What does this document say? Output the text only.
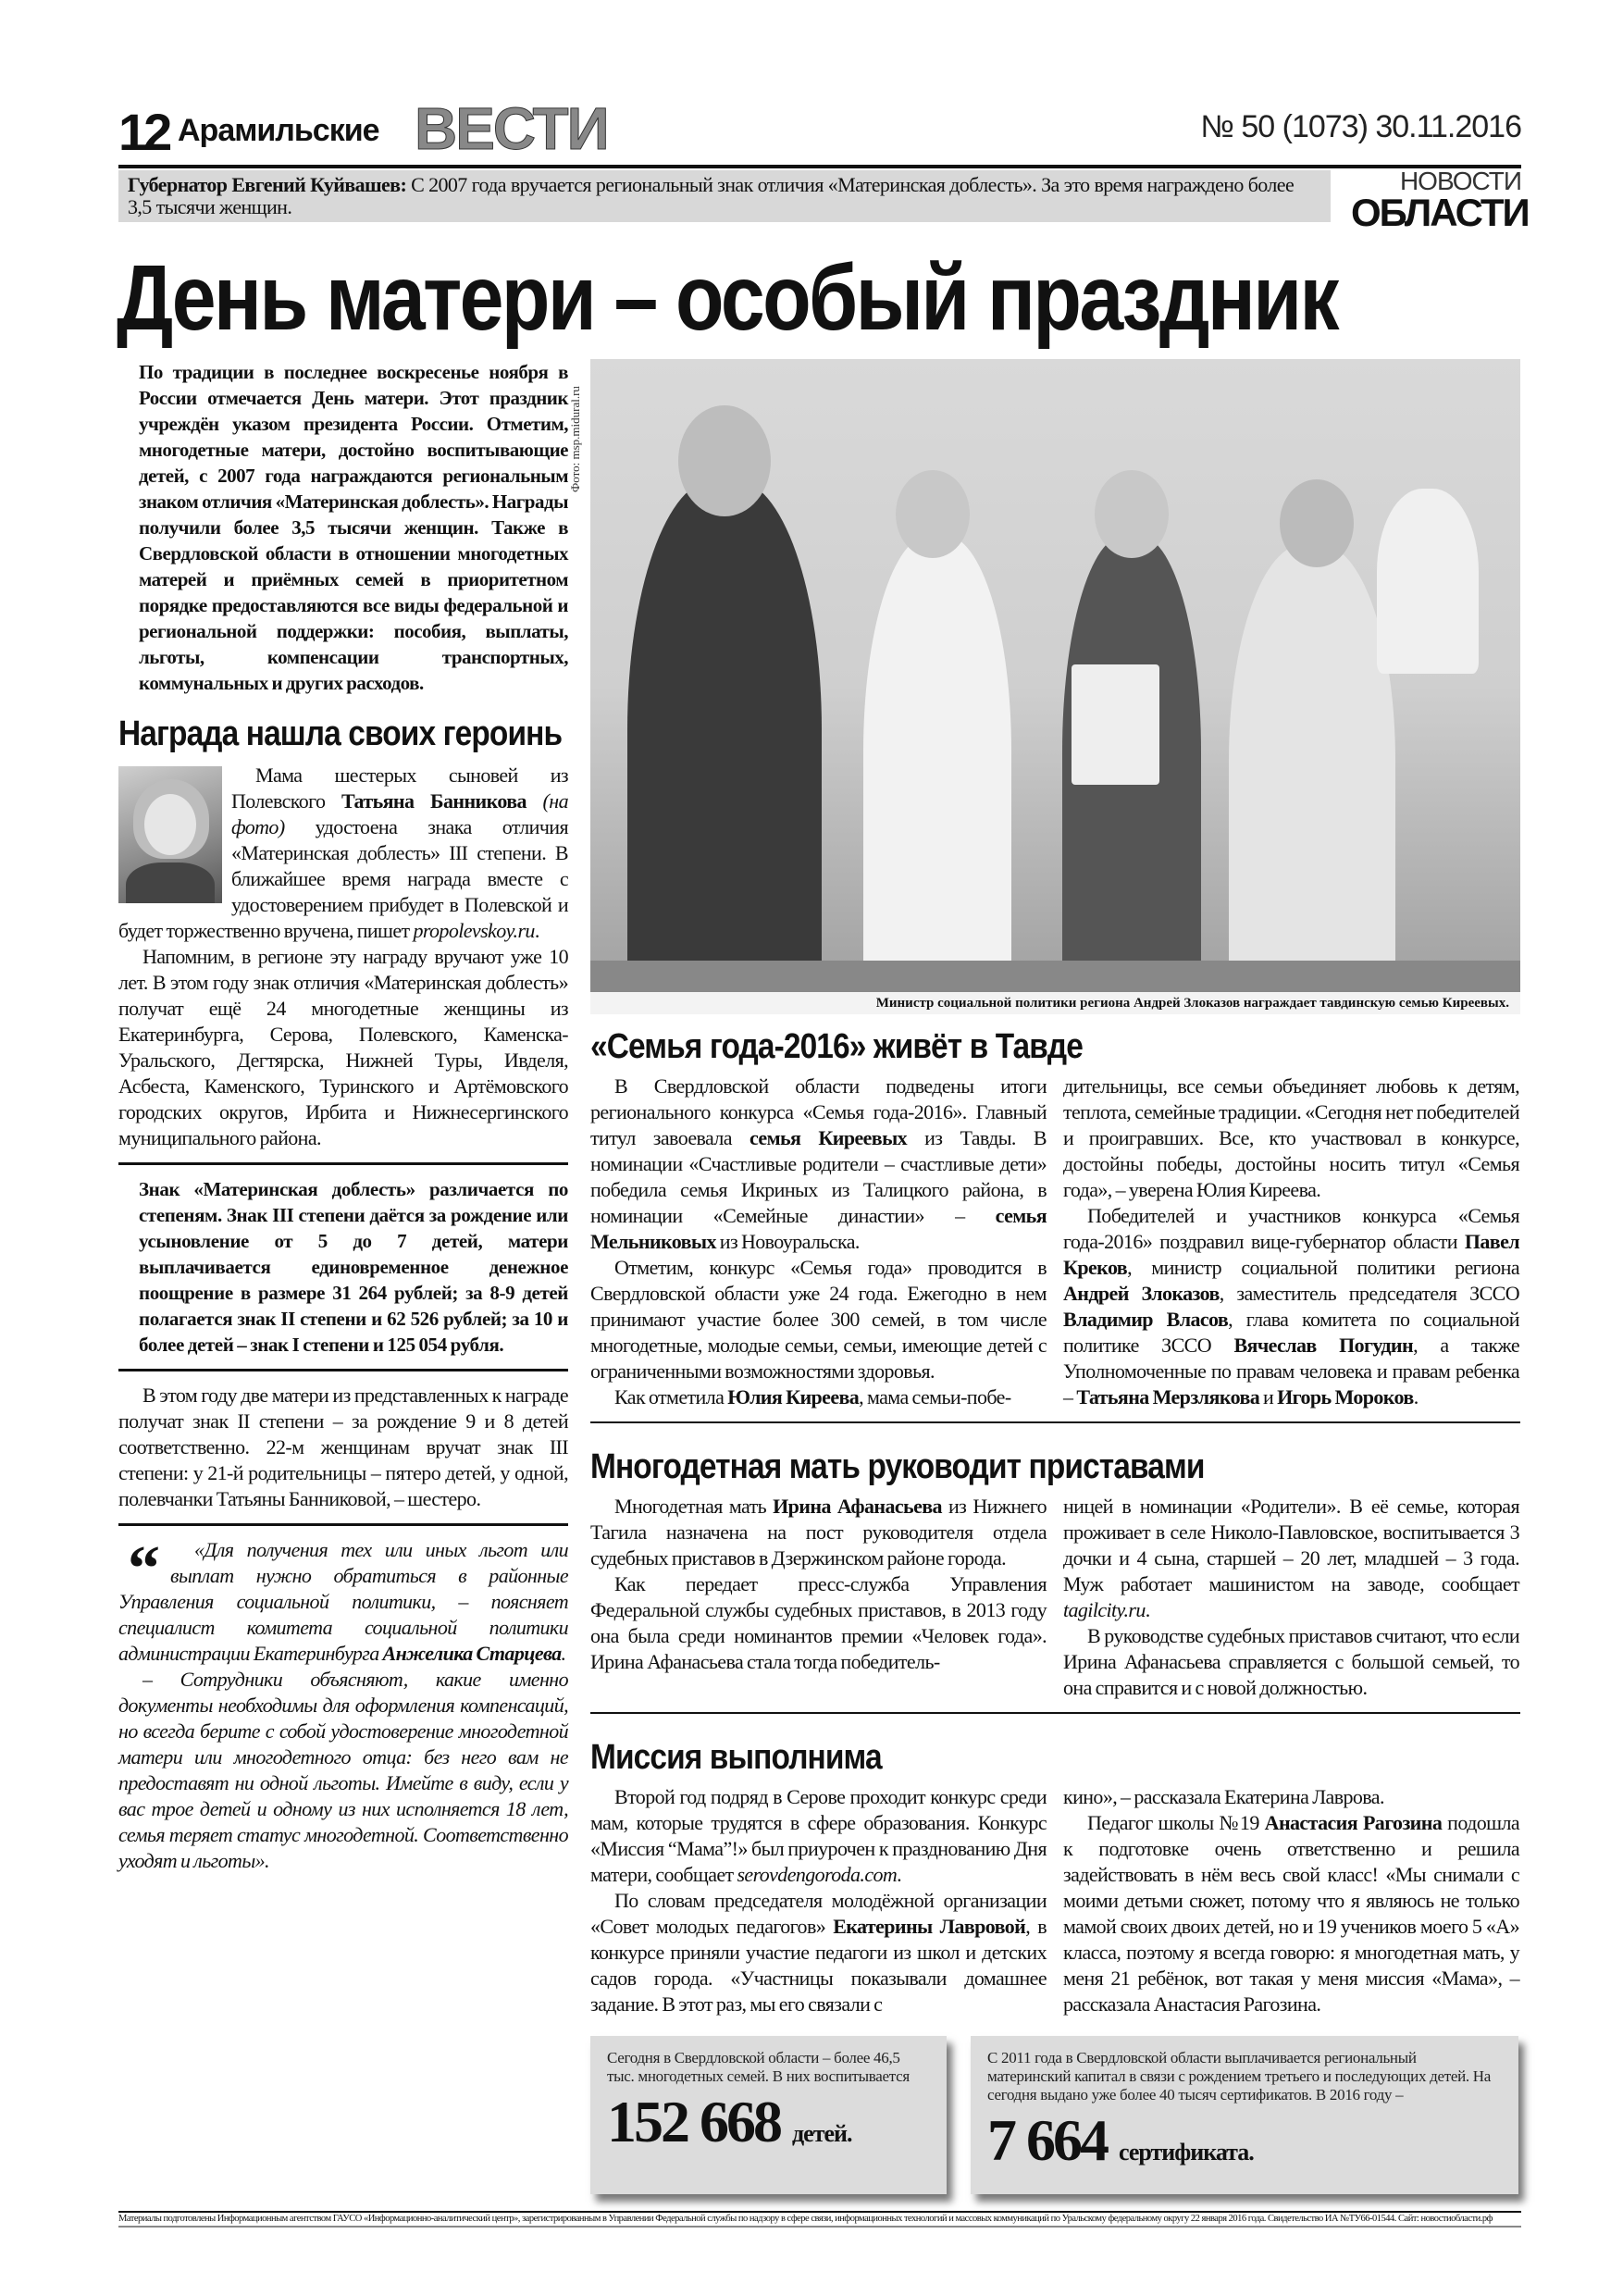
12 Арамильские ВЕСТИ	№ 50 (1073) 30.11.2016
Губернатор Евгений Куйвашев: С 2007 года вручается региональный знак отличия «Материнская доблесть». За это время награждено более 3,5 тысячи женщин.
НОВОСТИ
ОБЛАСТИ
День матери – особый праздник
Фото: msp.midural.ru
По традиции в последнее воскресенье ноября в России отмечается День матери. Этот праздник учреждён указом президента России. Отметим, многодетные матери, достойно воспитывающие детей, с 2007 года награждаются региональным знаком отличия «Материнская доблесть». Награды получили более 3,5 тысячи женщин. Также в Свердловской области в отношении многодетных матерей и приёмных семей в приоритетном порядке предоставляются все виды федеральной и региональной поддержки: пособия, выплаты, льготы, компенсации транспортных, коммунальных и других расходов.
Награда нашла своих героинь

Мама шестерых сыновей из Полевского Татьяна Банникова (на фото) удостоена знака отличия «Материнская доблесть» III степени. В ближайшее время награда вместе с удостоверением прибудет в Полевской и будет торжественно вручена, пишет propolevskoy.ru.

Напомним, в регионе эту награду вручают уже 10 лет. В этом году знак отличия «Материнская доблесть» получат ещё 24 многодетные женщины из Екатеринбурга, Серова, Полевского, Каменска-Уральского, Дегтярска, Нижней Туры, Ивделя, Асбеста, Каменского, Туринского и Артёмовского городских округов, Ирбита и Нижнесергинского муниципального района.

Знак «Материнская доблесть» различается по степеням. Знак III степени даётся за рождение или усыновление от 5 до 7 детей, матери выплачивается единовременное денежное поощрение в размере 31 264 рублей; за 8-9 детей полагается знак II степени и 62 526 рублей; за 10 и более детей – знак I степени и 125 054 рубля.

В этом году две матери из представленных к награде получат знак II степени – за рождение 9 и 8 детей соответственно. 22-м женщинам вручат знак III степени: у 21-й родительницы – пятеро детей, у одной, полевчанки Татьяны Банниковой, – шестеро.

“	«Для получения тех или иных льгот или выплат нужно обратиться в районные Управления социальной политики, – поясняет специалист комитета социальной политики администрации Екатеринбурга Анжелика Старцева.

– Сотрудники объясняют, какие именно документы необходимы для оформления компенсаций, но всегда берите с собой удостоверение многодетной матери или многодетного отца: без него вам не предоставят ни одной льготы. Имейте в виду, если у вас трое детей и одному из них исполняется 18 лет, семья теряет статус многодетной. Соответственно уходят и льготы».

Министр социальной политики региона Андрей Злоказов награждает тавдинскую семью Киреевых.
«Семья года-2016» живёт в Тавде

В Свердловской области подведены итоги регионального конкурса «Семья года-2016». Главный титул завоевала семья Киреевых из Тавды. В номинации «Счастливые родители – счастливые дети» победила семья Икриных из Талицкого района, в номинации «Семейные династии» – семья Мельниковых из Новоуральска.

Отметим, конкурс «Семья года» проводится в Свердловской области уже 24 года. Ежегодно в нем принимают участие более 300 семей, в том числе многодетные, молодые семьи, семьи, имеющие детей с ограниченными возможностями здоровья.

Как отметила Юлия Киреева, мама семьи-побе-

дительницы, все семьи объединяет любовь к детям, теплота, семейные традиции. «Сегодня нет победителей и проигравших. Все, кто участвовал в конкурсе, достойны победы, достойны носить титул «Семья года», – уверена Юлия Киреева.

Победителей и участников конкурса «Семья года-2016» поздравил вице-губернатор области Павел Креков, министр социальной политики региона Андрей Злоказов, заместитель председателя ЗССО Владимир Власов, глава комитета по социальной политике ЗССО Вячеслав Погудин, а также Уполномоченные по правам человека и правам ребенка – Татьяна Мерзлякова и Игорь Мороков.

Многодетная мать руководит приставами

Многодетная мать Ирина Афанасьева из Нижнего Тагила назначена на пост руководителя отдела судебных приставов в Дзержинском районе города.

Как передает пресс-служба Управления Федеральной службы судебных приставов, в 2013 году она была среди номинантов премии «Человек года». Ирина Афанасьева стала тогда победитель-

ницей в номинации «Родители». В её семье, которая проживает в селе Николо-Павловское, воспитывается 3 дочки и 4 сына, старшей – 20 лет, младшей – 3 года. Муж работает машинистом на заводе, сообщает tagilcity.ru.

В руководстве судебных приставов считают, что если Ирина Афанасьева справляется с большой семьей, то она справится и с новой должностью.

Миссия выполнима

Второй год подряд в Серове проходит конкурс среди мам, которые трудятся в сфере образования. Конкурс «Миссия “Мама”!» был приурочен к празднованию Дня матери, сообщает serovdengoroda.com.

По словам председателя молодёжной организации «Совет молодых педагогов» Екатерины Лавровой, в конкурсе приняли участие педагоги из школ и детских садов города. «Участницы показывали домашнее задание. В этот раз, мы его связали с

кино», – рассказала Екатерина Лаврова.

Педагог школы №19 Анастасия Рагозина подошла к подготовке очень ответственно и решила задействовать в нём весь свой класс! «Мы снимали с моими детьми сюжет, потому что я являюсь не только мамой своих двоих детей, но и 19 учеников моего 5 «А» класса, поэтому я всегда говорю: я многодетная мать, у меня 21 ребёнок, вот такая у меня миссия «Мама», – рассказала Анастасия Рагозина.

Сегодня в Свердловской области – более 46,5 тыс. многодетных семей. В них воспитывается
152 668 детей.
С 2011 года в Свердловской области выплачивается региональный материнский капитал в связи с рождением третьего и последующих детей. На сегодня выдано уже более 40 тысяч сертификатов. В 2016 году –
7 664 сертификата.
Материалы подготовлены Информационным агентством ГАУСО «Информационно-аналитический центр», зарегистрированным в Управлении Федеральной службы по надзору в сфере связи, информационных технологий и массовых коммуникаций по Уральскому федеральному округу 22 января 2016 года. Свидетельство ИА №ТУ66-01544. Сайт: новостиобласти.рф
